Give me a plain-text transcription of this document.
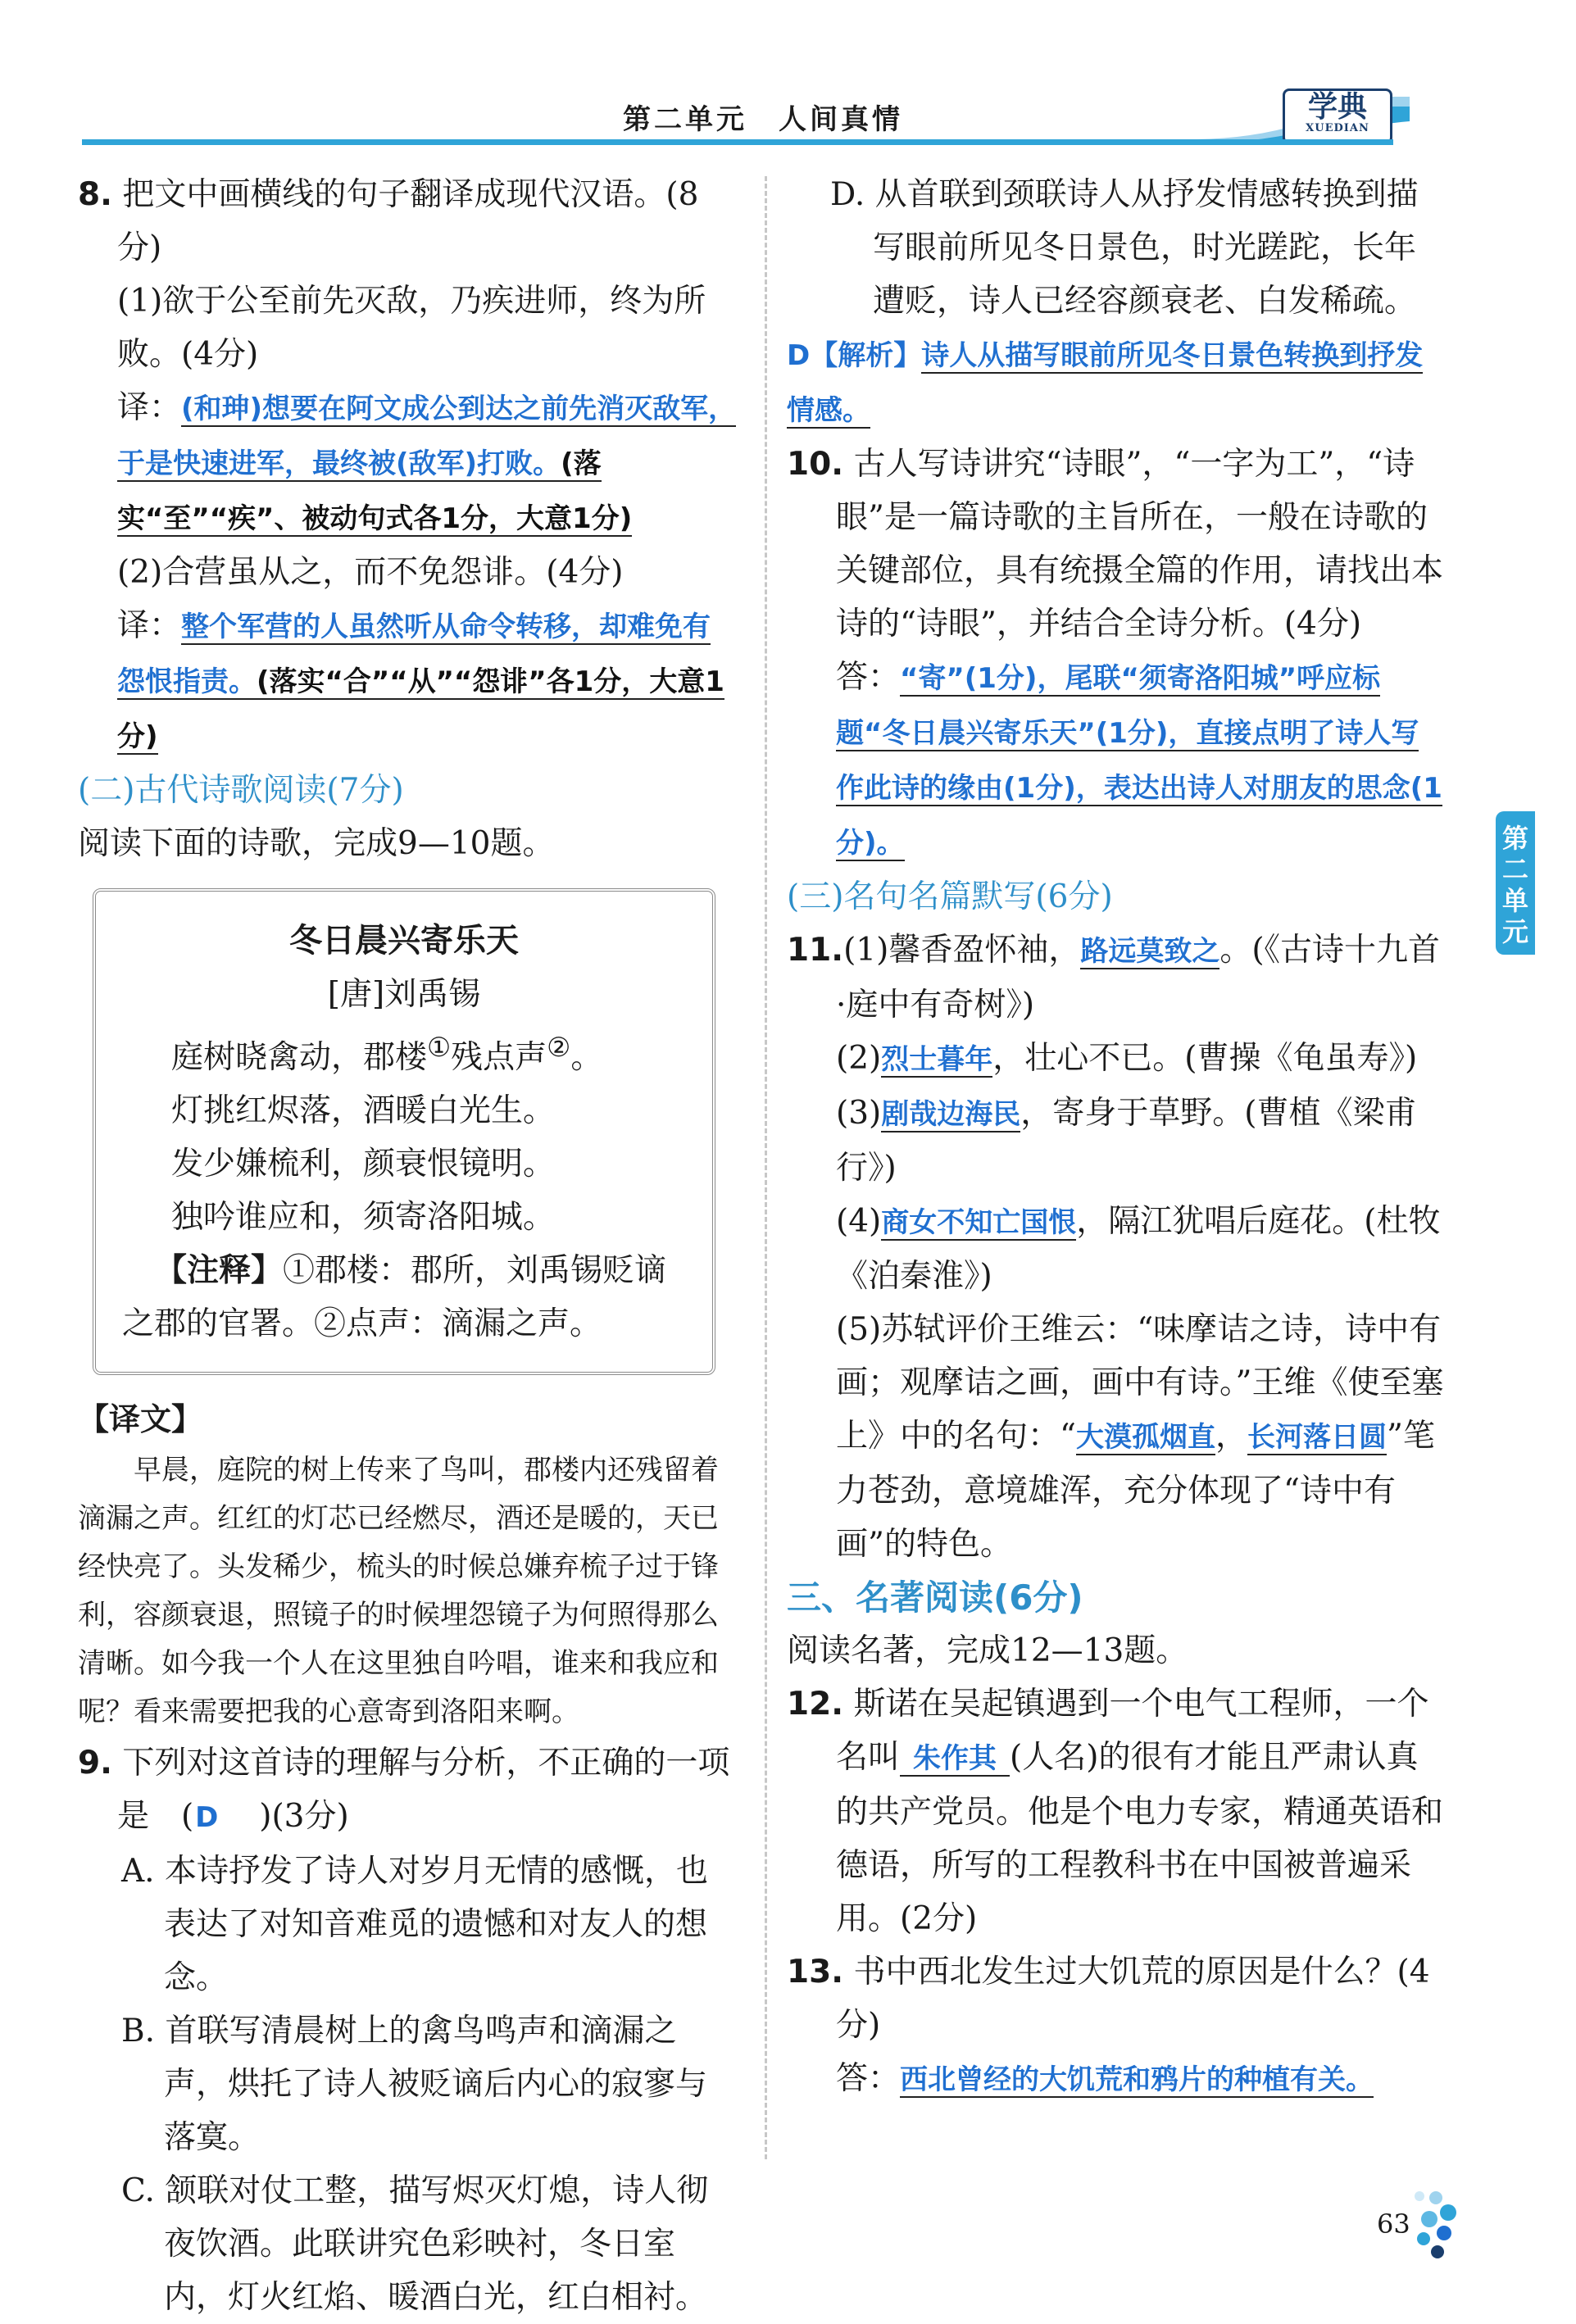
第二单元　人间真情	学典
XUEDIAN
8. 把文中画横线的句子翻译成现代汉语。(8分)
(1)欲于公至前先灭敌，乃疾进师，终为所败。(4分)
译：(和珅)想要在阿文成公到达之前先消灭敌军，于是快速进军，最终被(敌军)打败。(落实“至”“疾”、被动句式各1分，大意1分)
(2)合营虽从之，而不免怨诽。(4分)
译：整个军营的人虽然听从命令转移，却难免有怨恨指责。(落实“合”“从”“怨诽”各1分，大意1分)
(二)古代诗歌阅读(7分)
阅读下面的诗歌，完成9—10题。
冬日晨兴寄乐天
[唐]刘禹锡
庭树晓禽动，郡楼①残点声②。
灯挑红烬落，酒暖白光生。
发少嫌梳利，颜衰恨镜明。
独吟谁应和，须寄洛阳城。
【注释】①郡楼：郡所，刘禹锡贬谪之郡的官署。②点声：滴漏之声。
【译文】
早晨，庭院的树上传来了鸟叫，郡楼内还残留着滴漏之声。红红的灯芯已经燃尽，酒还是暖的，天已经快亮了。头发稀少，梳头的时候总嫌弃梳子过于锋利，容颜衰退，照镜子的时候埋怨镜子为何照得那么清晰。如今我一个人在这里独自吟唱，谁来和我应和呢？看来需要把我的心意寄到洛阳来啊。
9. 下列对这首诗的理解与分析，不正确的一项是　 (D )(3分)
A. 本诗抒发了诗人对岁月无情的感慨，也表达了对知音难觅的遗憾和对友人的想念。
B. 首联写清晨树上的禽鸟鸣声和滴漏之声，烘托了诗人被贬谪后内心的寂寥与落寞。
C. 颔联对仗工整，描写烬灭灯熄，诗人彻夜饮酒。此联讲究色彩映衬，冬日室内，灯火红焰、暖酒白光，红白相衬。
D. 从首联到颈联诗人从抒发情感转换到描写眼前所见冬日景色，时光蹉跎，长年遭贬，诗人已经容颜衰老、白发稀疏。
D【解析】诗人从描写眼前所见冬日景色转换到抒发情感。
10. 古人写诗讲究“诗眼”，“一字为工”，“诗眼”是一篇诗歌的主旨所在，一般在诗歌的关键部位，具有统摄全篇的作用，请找出本诗的“诗眼”，并结合全诗分析。(4分)
答：“寄”(1分)，尾联“须寄洛阳城”呼应标题“冬日晨兴寄乐天”(1分)，直接点明了诗人写作此诗的缘由(1分)，表达出诗人对朋友的思念(1分)。
(三)名句名篇默写(6分)
11.(1)馨香盈怀袖，路远莫致之。(《古诗十九首·庭中有奇树》)
(2)烈士暮年，壮心不已。(曹操《龟虽寿》)
(3)剧哉边海民，寄身于草野。(曹植《梁甫行》)
(4)商女不知亡国恨，隔江犹唱后庭花。(杜牧《泊秦淮》)
(5)苏轼评价王维云：“味摩诘之诗，诗中有画；观摩诘之画，画中有诗。”王维《使至塞上》中的名句：“大漠孤烟直，长河落日圆”笔力苍劲，意境雄浑，充分体现了“诗中有画”的特色。
三、名著阅读(6分)
阅读名著，完成12—13题。
12. 斯诺在吴起镇遇到一个电气工程师，一个名叫 朱作其 (人名)的很有才能且严肃认真的共产党员。他是个电力专家，精通英语和德语，所写的工程教科书在中国被普遍采用。(2分)
13. 书中西北发生过大饥荒的原因是什么？(4分)
答：西北曾经的大饥荒和鸦片的种植有关。
第
二
单
元
63
